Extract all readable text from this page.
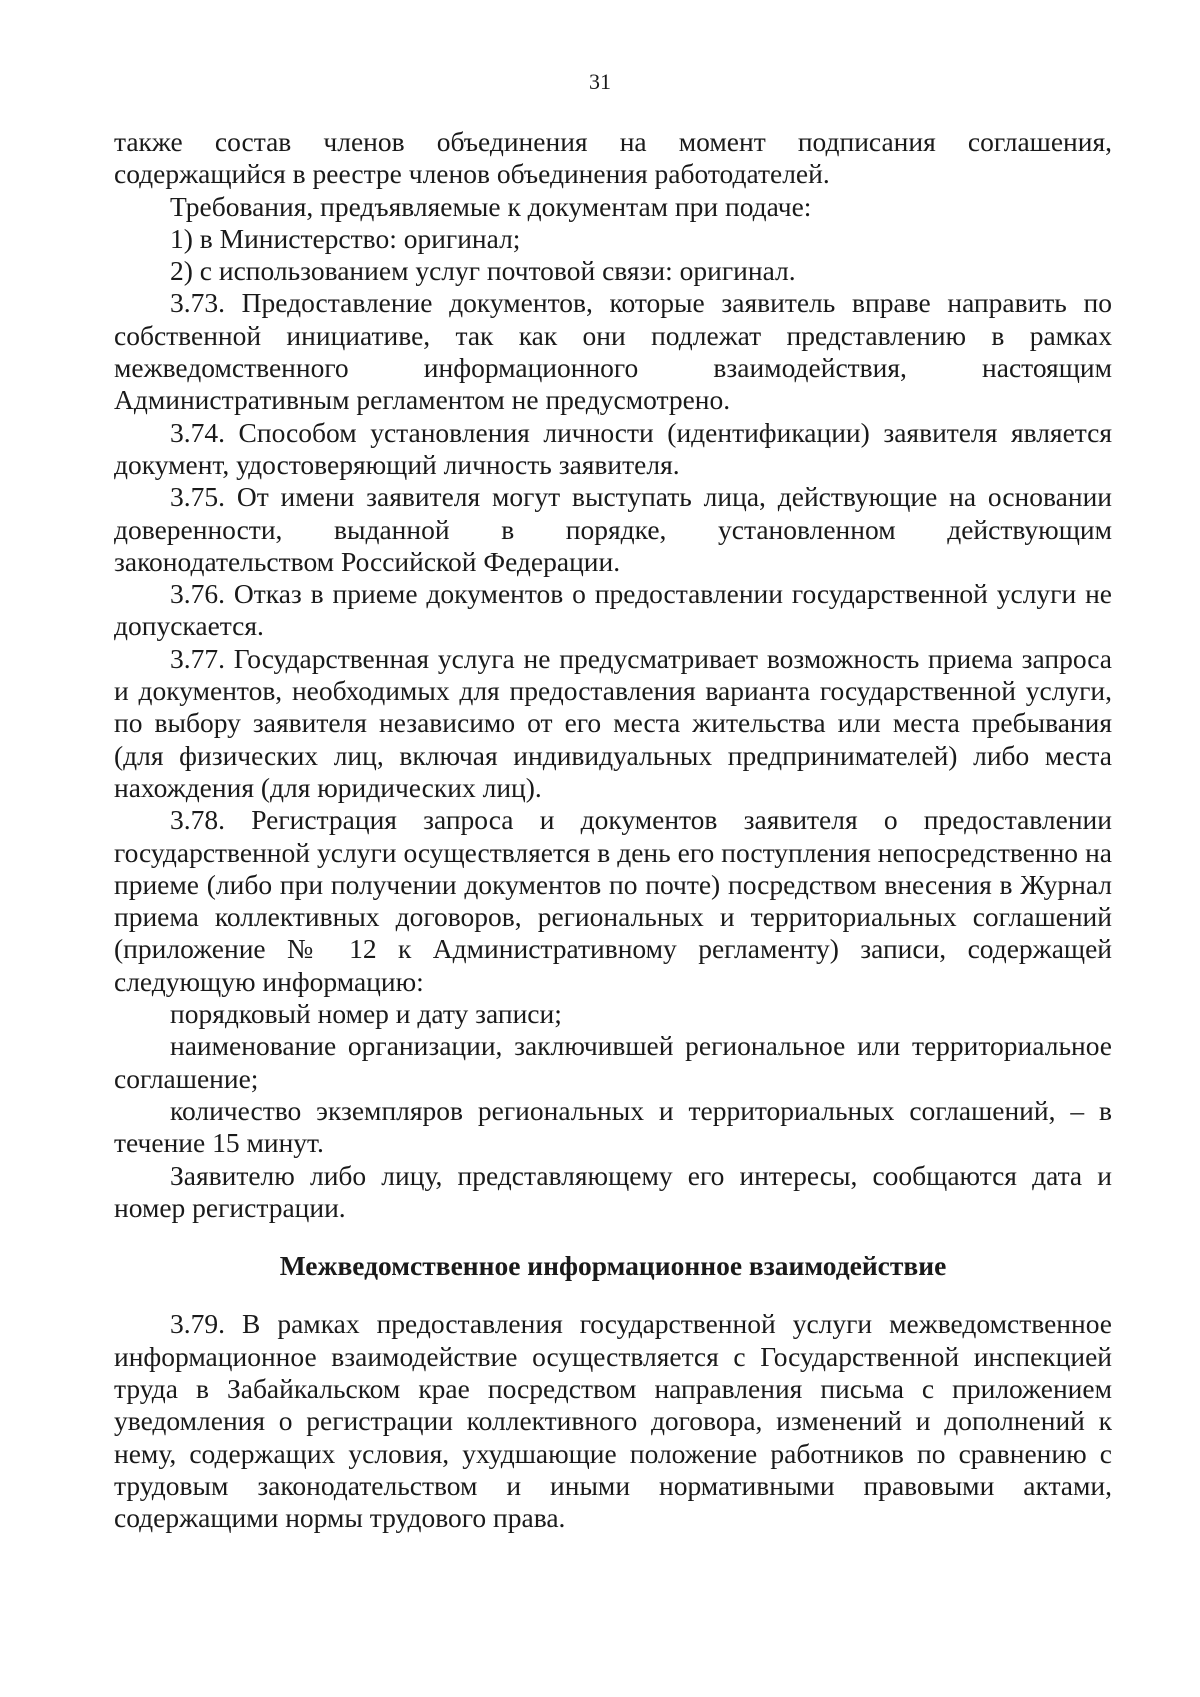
31
также состав членов объединения на момент подписания соглашения, содержащийся в реестре членов объединения работодателей.
Требования, предъявляемые к документам при подаче:
1) в Министерство: оригинал;
2) с использованием услуг почтовой связи: оригинал.
3.73. Предоставление документов, которые заявитель вправе направить по собственной инициативе, так как они подлежат представлению в рамках межведомственного информационного взаимодействия, настоящим Административным регламентом не предусмотрено.
3.74. Способом установления личности (идентификации) заявителя является документ, удостоверяющий личность заявителя.
3.75. От имени заявителя могут выступать лица, действующие на основании доверенности, выданной в порядке, установленном действующим законодательством Российской Федерации.
3.76. Отказ в приеме документов о предоставлении государственной услуги не допускается.
3.77. Государственная услуга не предусматривает возможность приема запроса и документов, необходимых для предоставления варианта государственной услуги, по выбору заявителя независимо от его места жительства или места пребывания (для физических лиц, включая индивидуальных предпринимателей) либо места нахождения (для юридических лиц).
3.78. Регистрация запроса и документов заявителя о предоставлении государственной услуги осуществляется в день его поступления непосредственно на приеме (либо при получении документов по почте) посредством внесения в Журнал приема коллективных договоров, региональных и территориальных соглашений (приложение № 12 к Административному регламенту) записи, содержащей следующую информацию:
порядковый номер и дату записи;
наименование организации, заключившей региональное или территориальное соглашение;
количество экземпляров региональных и территориальных соглашений, – в течение 15 минут.
Заявителю либо лицу, представляющему его интересы, сообщаются дата и номер регистрации.
Межведомственное информационное взаимодействие
3.79. В рамках предоставления государственной услуги межведомственное информационное взаимодействие осуществляется с Государственной инспекцией труда в Забайкальском крае посредством направления письма с приложением уведомления о регистрации коллективного договора, изменений и дополнений к нему, содержащих условия, ухудшающие положение работников по сравнению с трудовым законодательством и иными нормативными правовыми актами, содержащими нормы трудового права.
